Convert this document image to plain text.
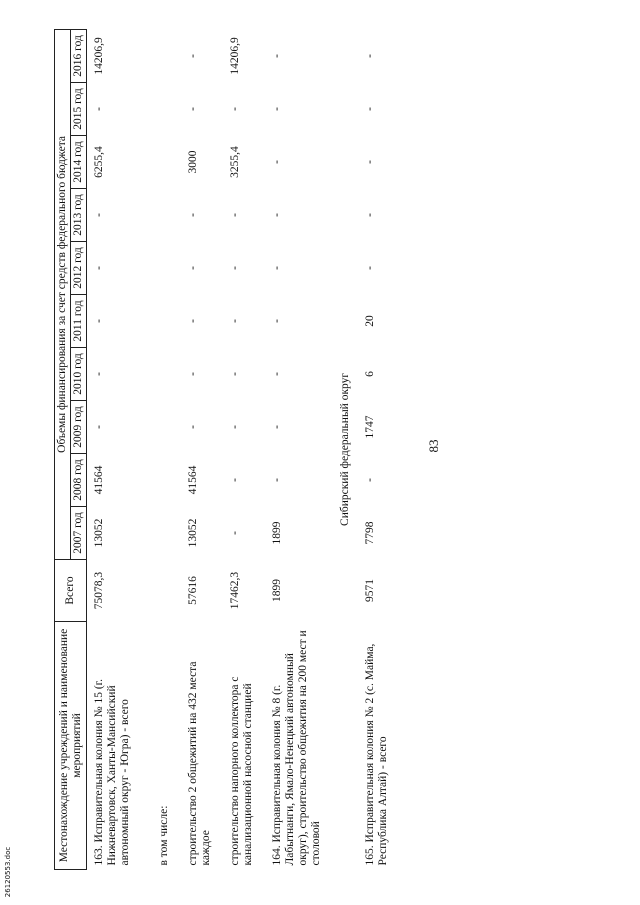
83
Местонахождение учреждений и наименование мероприятий	Всего	Объемы финансирования за счет средств федерального бюджета									
		2007 год	2008 год	2009 год	2010 год	2011 год	2012 год	2013 год	2014 год	2015 год	2016 год
163. Исправительная колония № 15 (г. Нижневартовск, Ханты-Мансийский автономный округ - Югра) - всего	75078,3	13052	41564	-	-	-	-	-	6255,4	-	14206,9
в том числе:											
строительство 2 общежитий на 432 места каждое	57616	13052	41564	-	-	-	-	-	3000	-	-
строительство напорного коллектора с канализационной насосной станцией	17462,3	-	-	-	-	-	-	-	3255,4	-	14206,9
164. Исправительная колония № 8 (г. Лабытнанги, Ямало-Ненецкий автономный округ), строительство общежития на 200 мест и столовой	1899	1899	-	-	-	-	-	-	-	-	-
Сибирский федеральный округ											
165. Исправительная колония № 2 (с. Майма, Республика Алтай) - всего	9571	7798	-	1747	6	20	-	-	-	-	-
26120553.doc
